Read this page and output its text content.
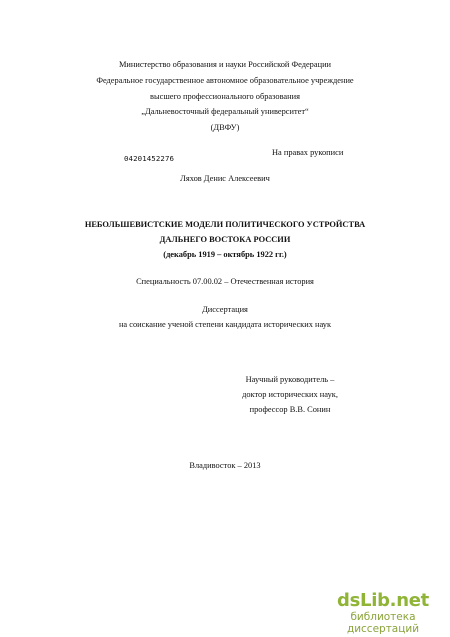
Министерство образования и науки Российской Федерации
Федеральное государственное автономное образовательное учреждение
высшего профессионального образования
„Дальневосточный федеральный университет“
(ДВФУ)
04201452276
На правах рукописи
Ляхов Денис Алексеевич
НЕБОЛЬШЕВИСТСКИЕ МОДЕЛИ ПОЛИТИЧЕСКОГО УСТРОЙСТВА
ДАЛЬНЕГО ВОСТОКА РОССИИ
(декабрь 1919 – октябрь 1922 гг.)
Специальность 07.00.02 – Отечественная история
Диссертация
на соискание ученой степени кандидата исторических наук
Научный руководитель –
доктор исторических наук,
профессор В.В. Сонин
Владивосток – 2013
dsLib.net
библиотека диссертаций
